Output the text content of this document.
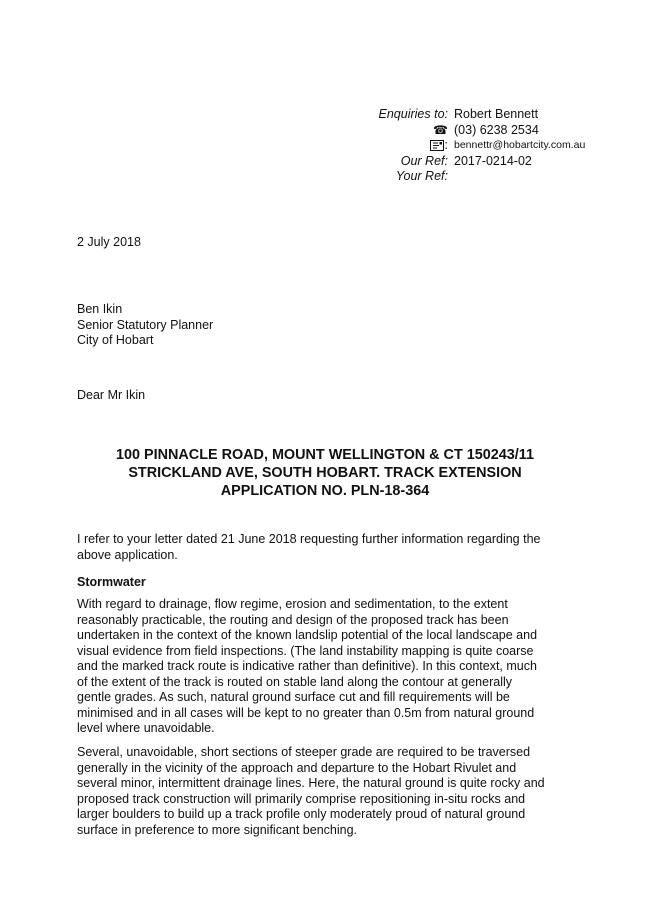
Enquiries to: Robert Bennett
☎ (03) 6238 2534
: bennettr@hobartcity.com.au
Our Ref: 2017-0214-02
Your Ref:
2 July 2018
Ben Ikin
Senior Statutory Planner
City of Hobart
Dear Mr Ikin
100 PINNACLE ROAD, MOUNT WELLINGTON & CT 150243/11
STRICKLAND AVE, SOUTH HOBART. TRACK EXTENSION
APPLICATION NO. PLN-18-364
I refer to your letter dated 21 June 2018 requesting further information regarding the
above application.
Stormwater
With regard to drainage, flow regime, erosion and sedimentation, to the extent
reasonably practicable, the routing and design of the proposed track has been
undertaken in the context of the known landslip potential of the local landscape and
visual evidence from field inspections. (The land instability mapping is quite coarse
and the marked track route is indicative rather than definitive). In this context, much
of the extent of the track is routed on stable land along the contour at generally
gentle grades. As such, natural ground surface cut and fill requirements will be
minimised and in all cases will be kept to no greater than 0.5m from natural ground
level where unavoidable.
Several, unavoidable, short sections of steeper grade are required to be traversed
generally in the vicinity of the approach and departure to the Hobart Rivulet and
several minor, intermittent drainage lines. Here, the natural ground is quite rocky and
proposed track construction will primarily comprise repositioning in-situ rocks and
larger boulders to build up a track profile only moderately proud of natural ground
surface in preference to more significant benching.
